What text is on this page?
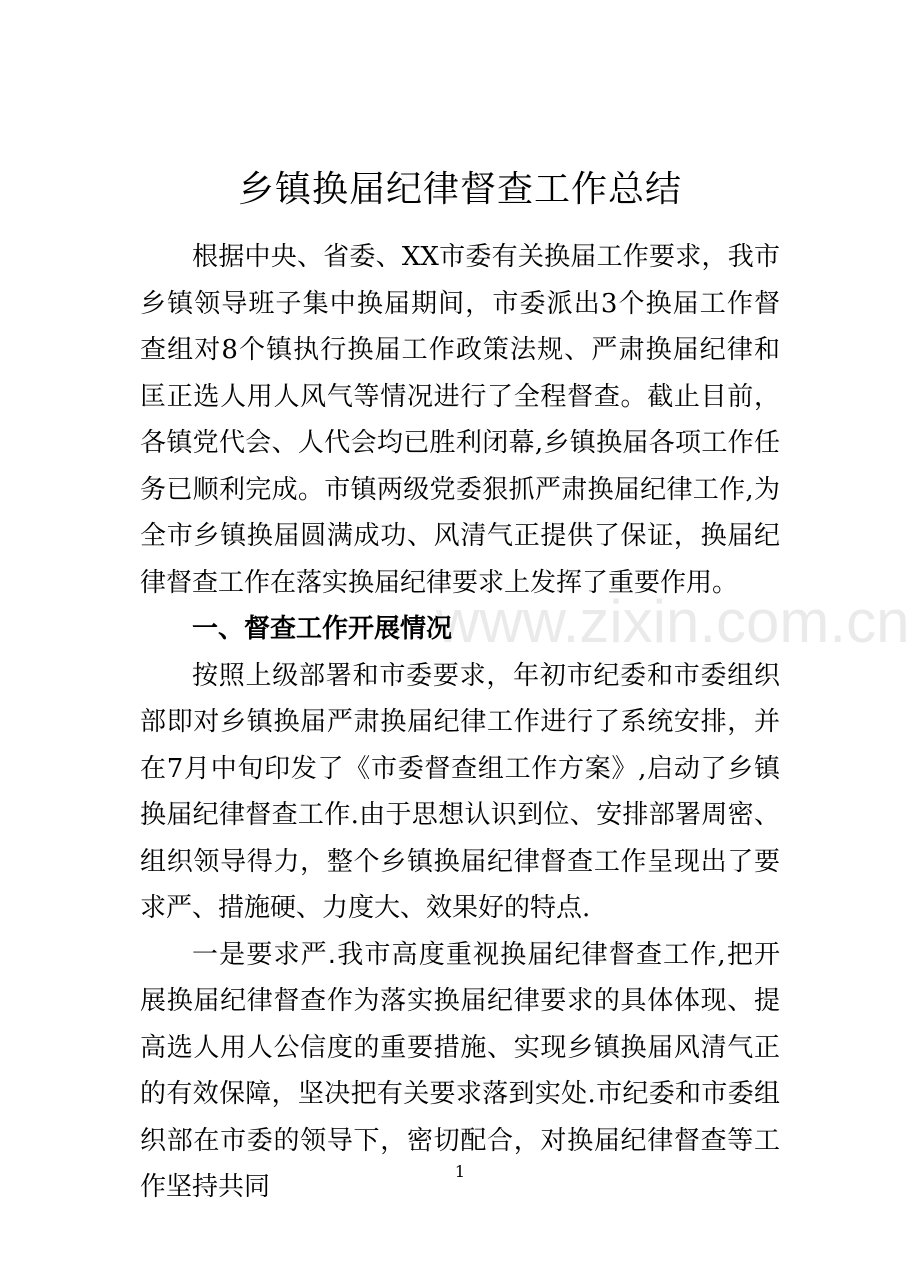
乡镇换届纪律督查工作总结

根据中央、省委、XX市委有关换届工作要求，我市乡镇领导班子集中换届期间，市委派出3个换届工作督查组对8个镇执行换届工作政策法规、严肃换届纪律和匡正选人用人风气等情况进行了全程督查。截止目前，各镇党代会、人代会均已胜利闭幕,乡镇换届各项工作任务已顺利完成。市镇两级党委狠抓严肃换届纪律工作,为全市乡镇换届圆满成功、风清气正提供了保证，换届纪律督查工作在落实换届纪律要求上发挥了重要作用。

一、督查工作开展情况

按照上级部署和市委要求，年初市纪委和市委组织部即对乡镇换届严肃换届纪律工作进行了系统安排，并在7月中旬印发了《市委督查组工作方案》,启动了乡镇换届纪律督查工作.由于思想认识到位、安排部署周密、组织领导得力，整个乡镇换届纪律督查工作呈现出了要求严、措施硬、力度大、效果好的特点.

一是要求严.我市高度重视换届纪律督查工作,把开展换届纪律督查作为落实换届纪律要求的具体体现、提高选人用人公信度的重要措施、实现乡镇换届风清气正的有效保障，坚决把有关要求落到实处.市纪委和市委组织部在市委的领导下，密切配合，对换届纪律督查等工作坚持共同

www.zixin.com.cn
1
